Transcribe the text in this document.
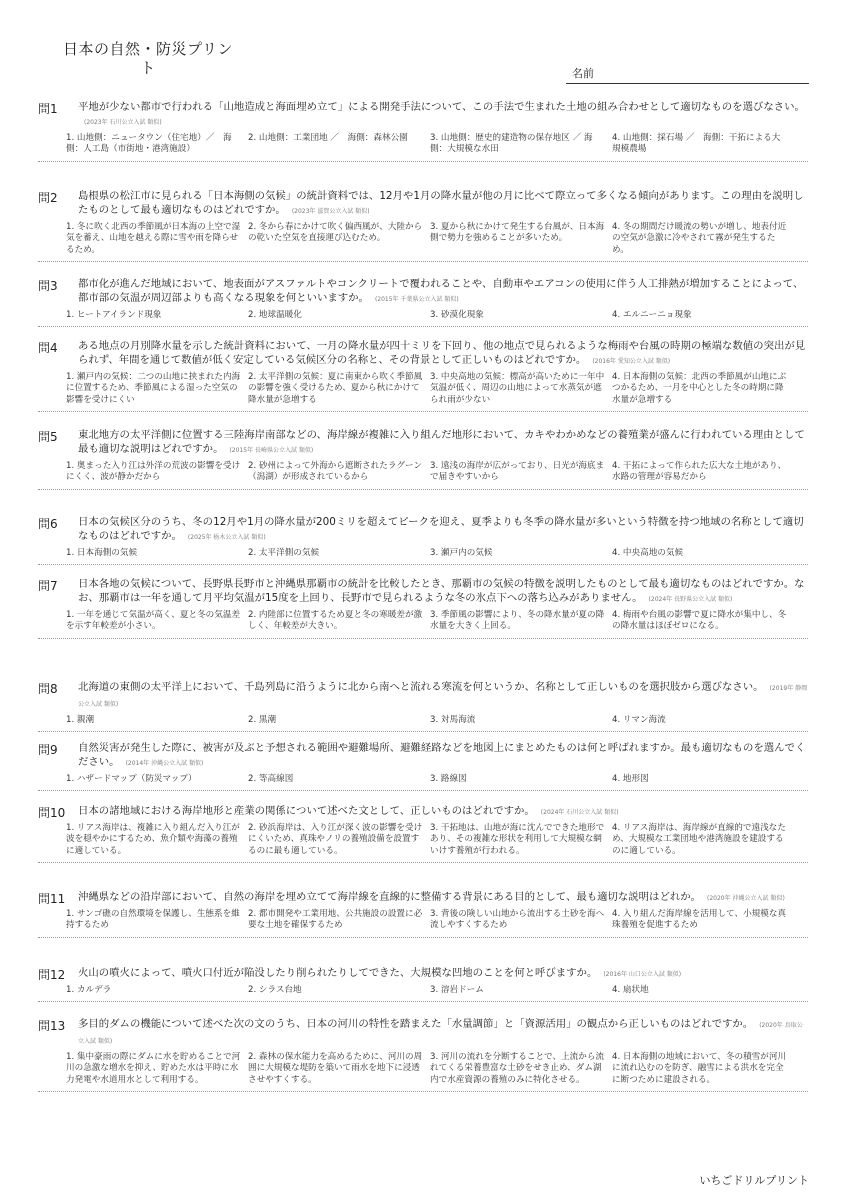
日本の自然・防災プリント	名前
問1 平地が少ない都市で行われる「山地造成と海面埋め立て」による開発手法について、この手法で生まれた土地の組み合わせとして適切なものを選びなさい。(2023年 石川公立入試 類似)
1. 山地側：ニュータウン（住宅地）／　海側：人工島（市街地・港湾施設）
2. 山地側：工業団地 ／　海側：森林公園	3. 山地側：歴史的建造物の保存地区 ／ 海側：大規模な水田
4. 山地側：採石場 ／　海側：干拓による大規模農場
問2 島根県の松江市に見られる「日本海側の気候」の統計資料では、12月や1月の降水量が他の月に比べて際立って多くなる傾向があります。この理由を説明したものとして最も適切なものはどれですか。 (2023年 滋賀公立入試 類似)
1. 冬に吹く北西の季節風が日本海の上空で湿気を蓄え、山地を越える際に雪や雨を降らせるため。
2. 冬から春にかけて吹く偏西風が、大陸からの乾いた空気を直接運び込むため。
3. 夏から秋にかけて発生する台風が、日本海側で勢力を強めることが多いため。
4. 冬の期間だけ暖流の勢いが増し、地表付近の空気が急激に冷やされて霧が発生するため。
問3 都市化が進んだ地域において、地表面がアスファルトやコンクリートで覆われることや、自動車やエアコンの使用に伴う人工排熱が増加することによって、都市部の気温が周辺部よりも高くなる現象を何といいますか。 (2015年 千葉県公立入試 類似)
1. ヒートアイランド現象	2. 地球温暖化	3. 砂漠化現象	4. エルニーニョ現象
問4 ある地点の月別降水量を示した統計資料において、一月の降水量が四十ミリを下回り、他の地点で見られるような梅雨や台風の時期の極端な数値の突出が見られず、年間を通じて数値が低く安定している気候区分の名称と、その背景として正しいものはどれですか。 (2016年 愛知公立入試 類似)
1. 瀬戸内の気候：二つの山地に挟まれた内海に位置するため、季節風による湿った空気の影響を受けにくい
2. 太平洋側の気候：夏に南東から吹く季節風の影響を強く受けるため、夏から秋にかけて降水量が急増する
3. 中央高地の気候：標高が高いために一年中気温が低く、周辺の山地によって水蒸気が遮られ雨が少ない
4. 日本海側の気候：北西の季節風が山地にぶつかるため、一月を中心とした冬の時期に降水量が急増する
問5 東北地方の太平洋側に位置する三陸海岸南部などの、海岸線が複雑に入り組んだ地形において、カキやわかめなどの養殖業が盛んに行われている理由として最も適切な説明はどれですか。 (2015年 長崎県公立入試 類似)
1. 奥まった入り江は外洋の荒波の影響を受けにくく、波が静かだから
2. 砂州によって外海から遮断されたラグーン（潟湖）が形成されているから
3. 遠浅の海岸が広がっており、日光が海底まで届きやすいから
4. 干拓によって作られた広大な土地があり、水路の管理が容易だから
問6 日本の気候区分のうち、冬の12月や1月の降水量が200ミリを超えてピークを迎え、夏季よりも冬季の降水量が多いという特徴を持つ地域の名称として適切なものはどれですか。 (2025年 栃木公立入試 類似)
1. 日本海側の気候	2. 太平洋側の気候	3. 瀬戸内の気候	4. 中央高地の気候
問7 日本各地の気候について、長野県長野市と沖縄県那覇市の統計を比較したとき、那覇市の気候の特徴を説明したものとして最も適切なものはどれですか。なお、那覇市は一年を通して月平均気温が15度を上回り、長野市で見られるような冬の氷点下への落ち込みがありません。 (2024年 長野県公立入試 類似)
1. 一年を通じて気温が高く、夏と冬の気温差を示す年較差が小さい。
2. 内陸部に位置するため夏と冬の寒暖差が激しく、年較差が大きい。
3. 季節風の影響により、冬の降水量が夏の降水量を大きく上回る。
4. 梅雨や台風の影響で夏に降水が集中し、冬の降水量はほぼゼロになる。
問8 北海道の東側の太平洋上において、千島列島に沿うように北から南へと流れる寒流を何というか、名称として正しいものを選択肢から選びなさい。 (2019年 静岡公立入試 類似)
1. 親潮	2. 黒潮	3. 対馬海流	4. リマン海流
問9 自然災害が発生した際に、被害が及ぶと予想される範囲や避難場所、避難経路などを地図上にまとめたものは何と呼ばれますか。最も適切なものを選んでください。 (2014年 沖縄公立入試 類似)
1. ハザードマップ（防災マップ）	2. 等高線図	3. 路線図	4. 地形図
問10 日本の諸地域における海岸地形と産業の関係について述べた文として、正しいものはどれですか。 (2024年 石川公立入試 類似)
1. リアス海岸は、複雑に入り組んだ入り江が波を穏やかにするため、魚介類や海藻の養殖に適している。
2. 砂浜海岸は、入り江が深く波の影響を受けにくいため、真珠やノリの養殖設備を設置するのに最も適している。
3. 干拓地は、山地が海に沈んでできた地形であり、その複雑な形状を利用して大規模な網いけす養殖が行われる。
4. リアス海岸は、海岸線が直線的で遠浅なため、大規模な工業団地や港湾施設を建設するのに適している。
問11 沖縄県などの沿岸部において、自然の海岸を埋め立てて海岸線を直線的に整備する背景にある目的として、最も適切な説明はどれか。 (2020年 沖縄公立入試 類似)
1. サンゴ礁の自然環境を保護し、生態系を維持するため
2. 都市開発や工業用地、公共施設の設置に必要な土地を確保するため
3. 背後の険しい山地から流出する土砂を海へ流しやすくするため
4. 入り組んだ海岸線を活用して、小規模な真珠養殖を促進するため
問12 火山の噴火によって、噴火口付近が陥没したり削られたりしてできた、大規模な凹地のことを何と呼びますか。 (2016年 山口公立入試 類似)
1. カルデラ	2. シラス台地	3. 溶岩ドーム	4. 扇状地
問13 多目的ダムの機能について述べた次の文のうち、日本の河川の特性を踏まえた「水量調節」と「資源活用」の観点から正しいものはどれですか。 (2020年 鳥取公立入試 類似)
1. 集中豪雨の際にダムに水を貯めることで河川の急激な増水を抑え、貯めた水は平時に水力発電や水道用水として利用する。
2. 森林の保水能力を高めるために、河川の周囲に大規模な堤防を築いて雨水を地下に浸透させやすくする。
3. 河川の流れを分断することで、上流から流れてくる栄養豊富な土砂をせき止め、ダム湖内で水産資源の養殖のみに特化させる。
4. 日本海側の地域において、冬の積雪が河川に流れ込むのを防ぎ、融雪による洪水を完全に断つために建設される。
いちごドリルプリント
